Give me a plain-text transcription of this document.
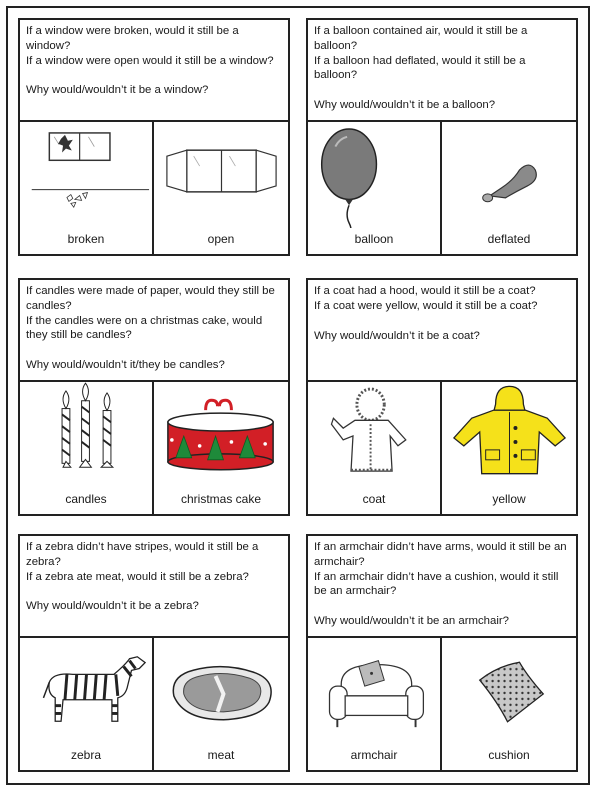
If a window were broken, would it still be a window?

If a window were open would it still be a window?

Why would/wouldn’t it be a window?

broken	open

If a balloon contained air, would it still be a balloon?

If a balloon had deflated, would it still be a balloon?

Why would/wouldn’t it be a balloon?

balloon	deflated

If candles were made of paper, would they still be candles?

If the candles were on a christmas cake, would they still be candles?

Why would/wouldn’t it/they be candles?

candles	christmas cake

If a coat had a hood, would it still be a coat?

If a coat were yellow, would it still be a coat?

Why would/wouldn’t it be a coat?

coat	yellow

If a zebra didn’t have stripes, would it still be a zebra?

If a zebra ate meat, would it still be a zebra?

Why would/wouldn’t it be a zebra?

zebra	meat

If an armchair didn’t have arms, would it still be an armchair?

If an armchair didn’t have a cushion, would it still be an armchair?

Why would/wouldn’t it be an armchair?

armchair	cushion
